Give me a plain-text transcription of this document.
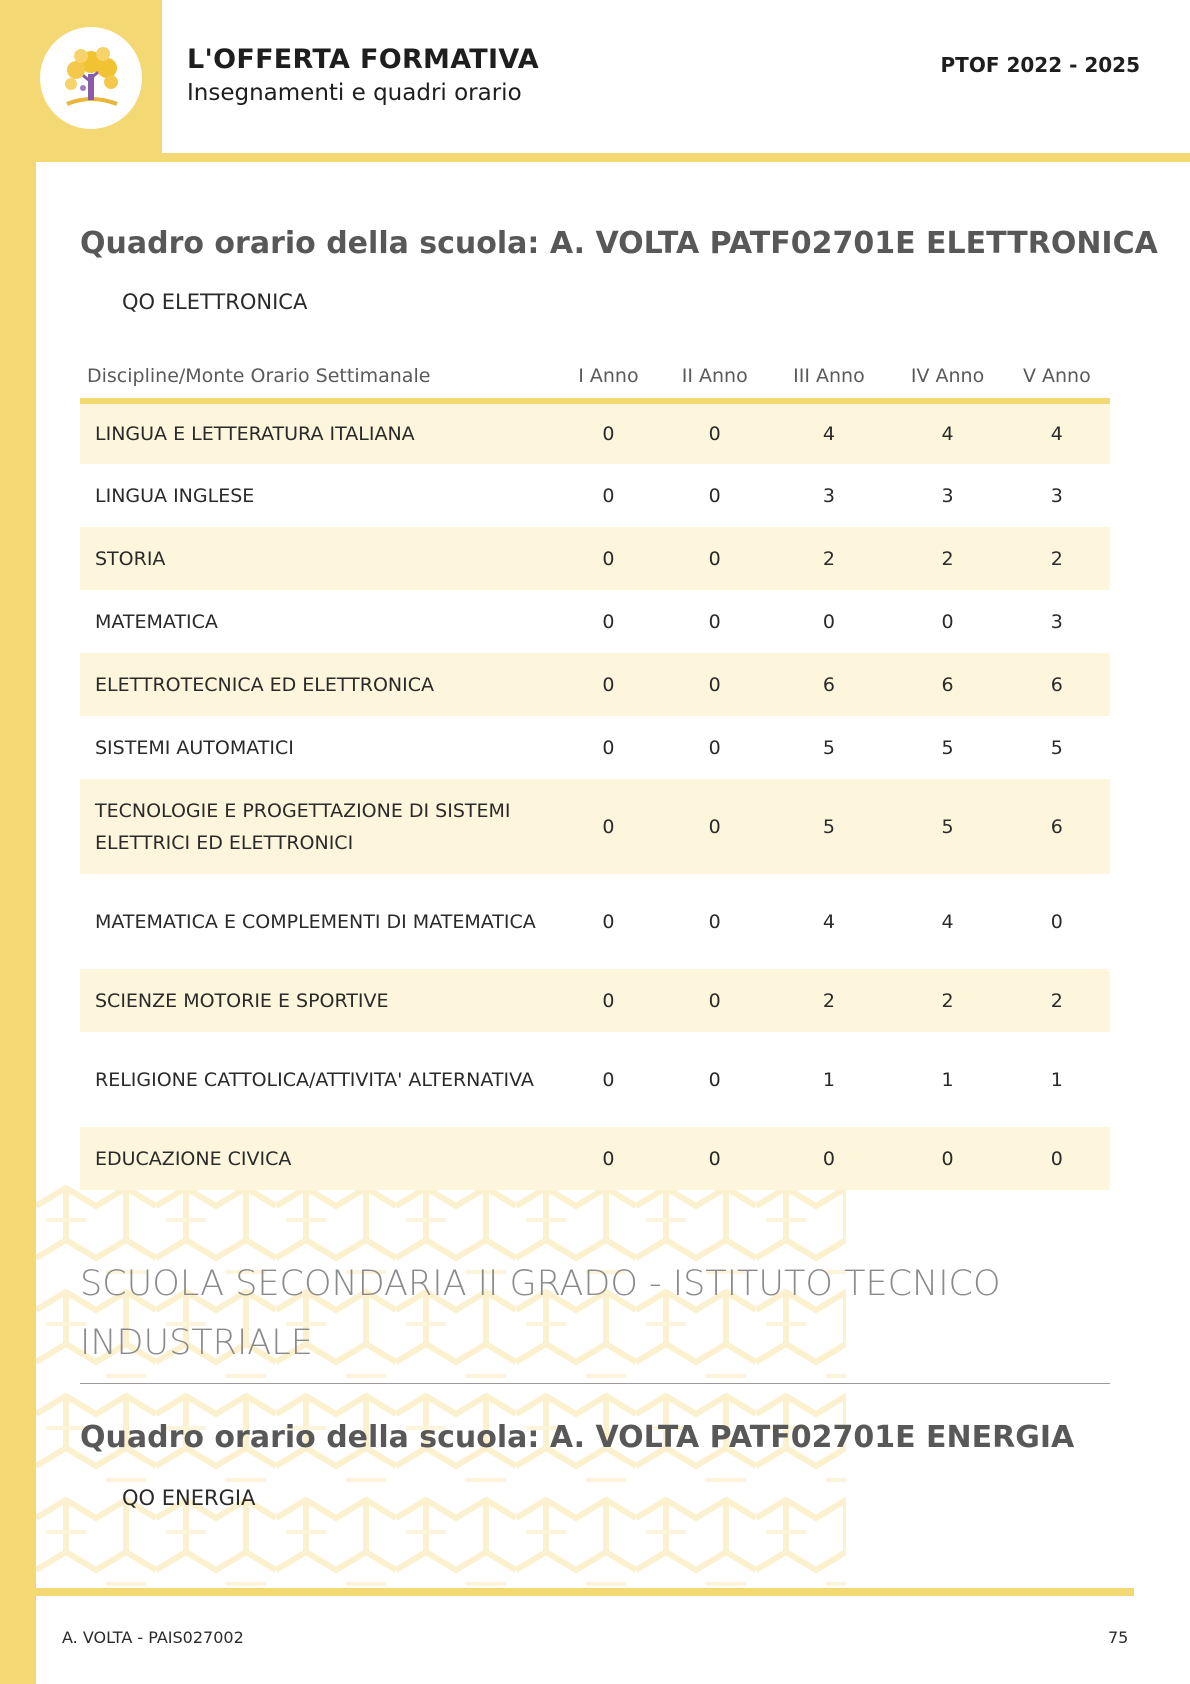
L'OFFERTA FORMATIVA
Insegnamenti e quadri orario
PTOF 2022 - 2025
Quadro orario della scuola: A. VOLTA PATF02701E ELETTRONICA
QO ELETTRONICA
Discipline/Monte Orario Settimanale	I Anno	II Anno	III Anno	IV Anno	V Anno
LINGUA E LETTERATURA ITALIANA	0	0	4	4	4
LINGUA INGLESE	0	0	3	3	3
STORIA	0	0	2	2	2
MATEMATICA	0	0	0	0	3
ELETTROTECNICA ED ELETTRONICA	0	0	6	6	6
SISTEMI AUTOMATICI	0	0	5	5	5
TECNOLOGIE E PROGETTAZIONE DI SISTEMI ELETTRICI ED ELETTRONICI	0	0	5	5	6
MATEMATICA E COMPLEMENTI DI MATEMATICA	0	0	4	4	0
SCIENZE MOTORIE E SPORTIVE	0	0	2	2	2
RELIGIONE CATTOLICA/ATTIVITA' ALTERNATIVA	0	0	1	1	1
EDUCAZIONE CIVICA	0	0	0	0	0
SCUOLA SECONDARIA II GRADO - ISTITUTO TECNICO INDUSTRIALE
Quadro orario della scuola: A. VOLTA PATF02701E ENERGIA
QO ENERGIA
A. VOLTA - PAIS027002	75
